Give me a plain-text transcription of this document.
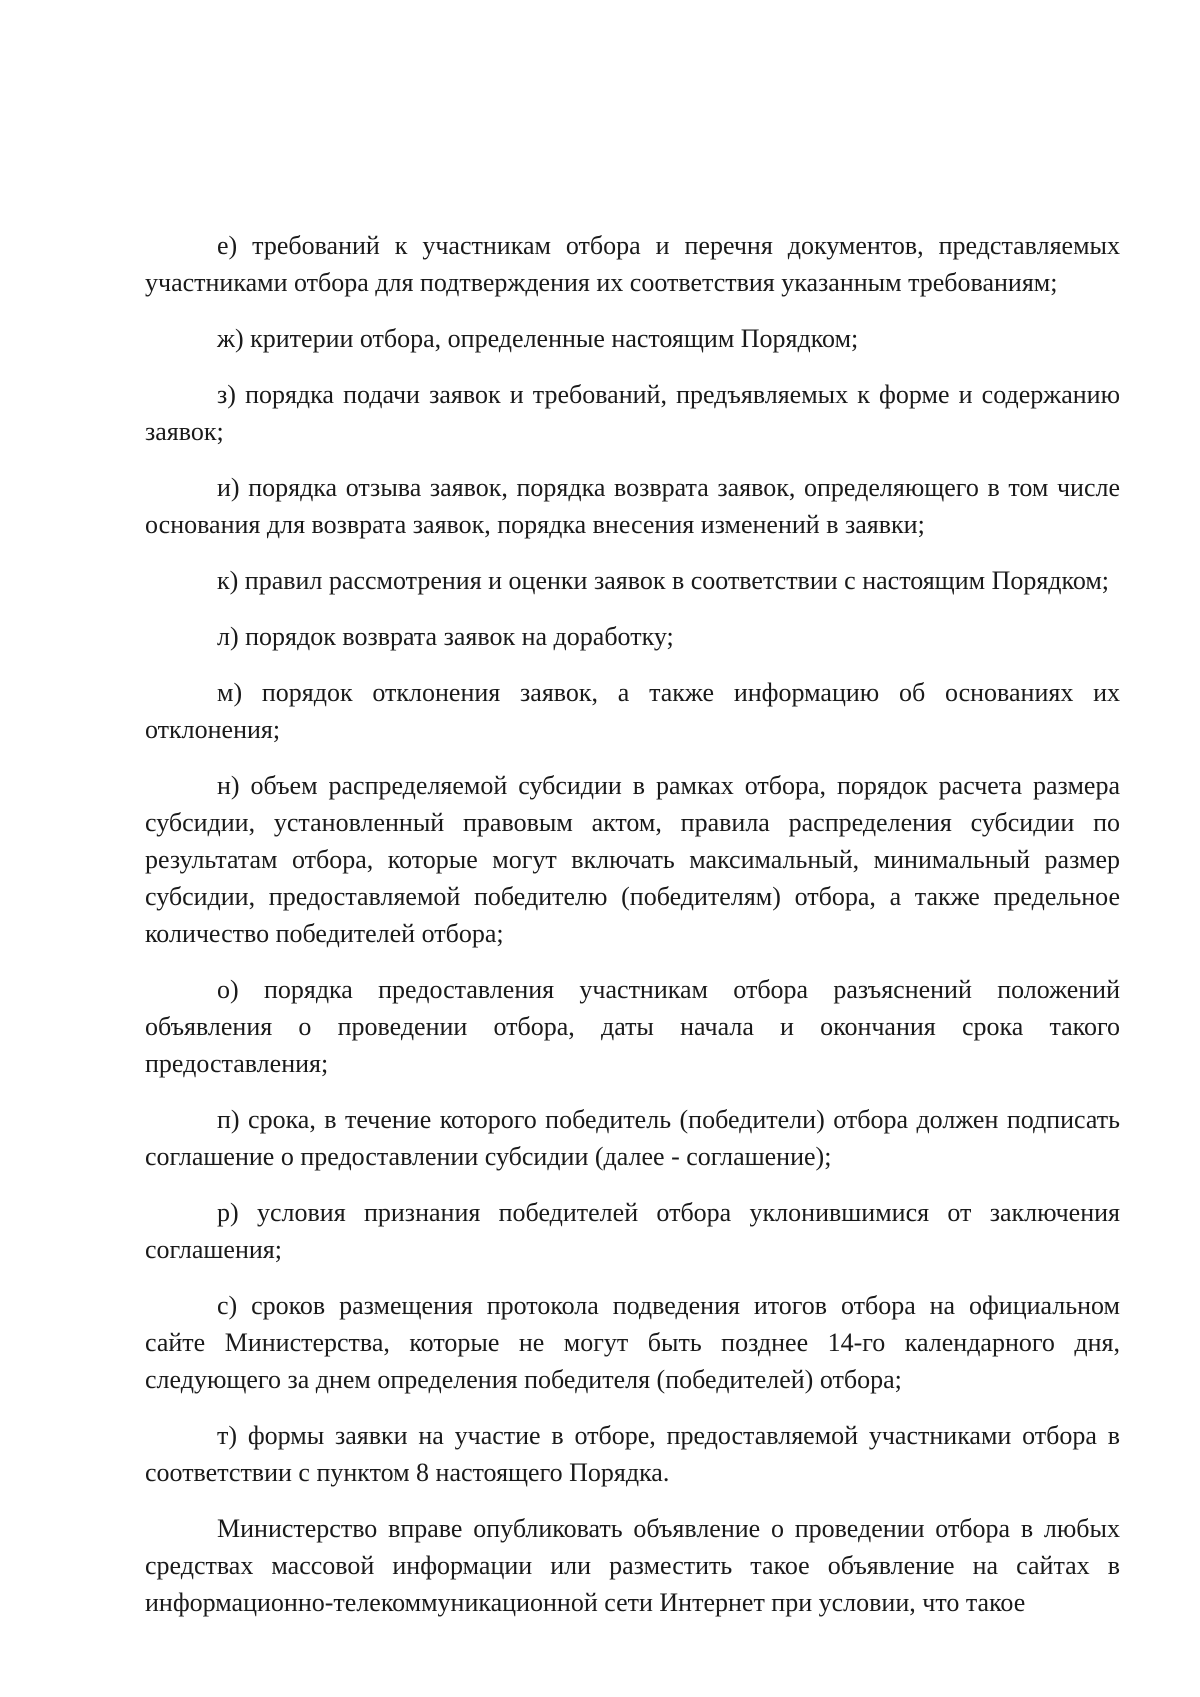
е) требований к участникам отбора и перечня документов, представляемых участниками отбора для подтверждения их соответствия указанным требованиям;

ж) критерии отбора, определенные настоящим Порядком;

з) порядка подачи заявок и требований, предъявляемых к форме и содержанию заявок;

и) порядка отзыва заявок, порядка возврата заявок, определяющего в том числе основания для возврата заявок, порядка внесения изменений в заявки;

к) правил рассмотрения и оценки заявок в соответствии с настоящим Порядком;

л) порядок возврата заявок на доработку;

м) порядок отклонения заявок, а также информацию об основаниях их отклонения;

н) объем распределяемой субсидии в рамках отбора, порядок расчета размера субсидии, установленный правовым актом, правила распределения субсидии по результатам отбора, которые могут включать максимальный, минимальный размер субсидии, предоставляемой победителю (победителям) отбора, а также предельное количество победителей отбора;

о) порядка предоставления участникам отбора разъяснений положений объявления о проведении отбора, даты начала и окончания срока такого предоставления;

п) срока, в течение которого победитель (победители) отбора должен подписать соглашение о предоставлении субсидии (далее - соглашение);

р) условия признания победителей отбора уклонившимися от заключения соглашения;

с) сроков размещения протокола подведения итогов отбора на официальном сайте Министерства, которые не могут быть позднее 14-го календарного дня, следующего за днем определения победителя (победителей) отбора;

т) формы заявки на участие в отборе, предоставляемой участниками отбора в соответствии с пунктом 8 настоящего Порядка.

Министерство вправе опубликовать объявление о проведении отбора в любых средствах массовой информации или разместить такое объявление на сайтах в информационно-телекоммуникационной сети Интернет при условии, что такое
